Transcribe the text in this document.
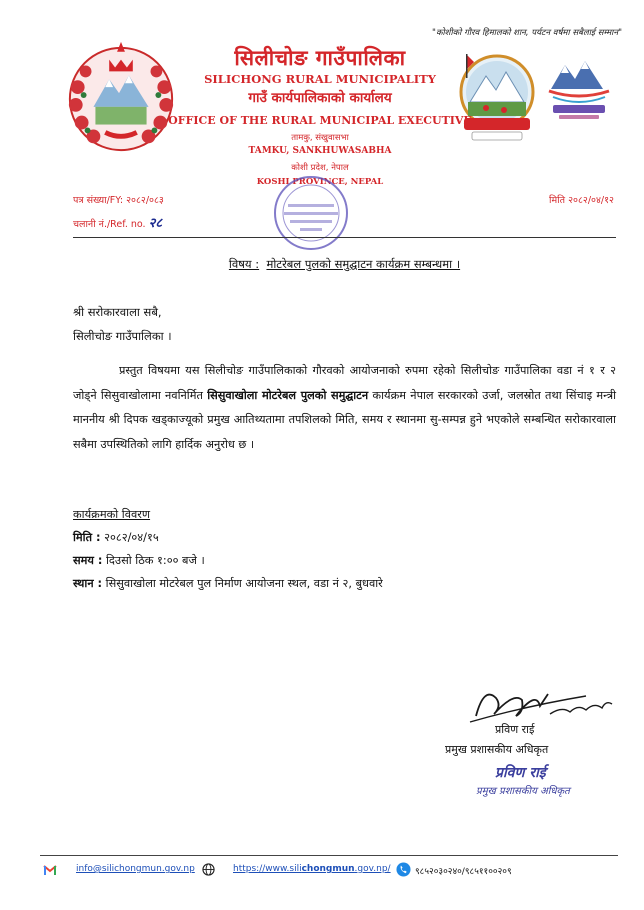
"कोशीको गौरव हिमालको शान, पर्यटन वर्षमा सबैलाई सम्मान"
सिलीचोङ गाउँपालिका
SILICHONG RURAL MUNICIPALITY
गाउँ कार्यपालिकाको कार्यालय
OFFICE OF THE RURAL MUNICIPAL EXECUTIVE
तामकु, संखुवासभा
TAMKU, SANKHUWASABHA
कोशी प्रदेश, नेपाल
KOSHI PROVINCE, NEPAL
पत्र संख्या/FY: २०८२/०८३
चलानी नं./Ref. no. २८
मिति २०८२/०४/१२
विषय : मोटरेबल पुलको समुद्घाटन कार्यक्रम सम्बन्धमा ।
श्री सरोकारवाला सबै,
सिलीचोङ गाउँपालिका ।
प्रस्तुत विषयमा यस सिलीचोङ गाउँपालिकाको गौरवको आयोजनाको रुपमा रहेको सिलीचोङ गाउँपालिका वडा नं १ र २ जोड्ने सिसुवाखोलामा नवनिर्मित सिसुवाखोला मोटरेबल पुलको समुद्घाटन कार्यक्रम नेपाल सरकारको उर्जा, जलस्रोत तथा सिंचाइ मन्त्री माननीय श्री दिपक खड्काज्यूको प्रमुख आतिथ्यतामा तपशिलको मिति, समय र स्थानमा सु-सम्पन्न हुने भएकोले सम्बन्धित सरोकारवाला सबैमा उपस्थितिको लागि हार्दिक अनुरोध छ ।
कार्यक्रमको विवरण
मिति : २०८२/०४/१५
समय : दिउसो ठिक १:०० बजे ।
स्थान : सिसुवाखोला मोटरेबल पुल निर्माण आयोजना स्थल, वडा नं २, बुधवारे
प्रविण राई
प्रमुख प्रशासकीय अधिकृत
प्रविण राई
प्रमुख प्रशासकीय अधिकृत
info@silichongmun.gov.np	https://www.silichongmun.gov.np/	९८५२०३०२४०/९८५११००२०९
